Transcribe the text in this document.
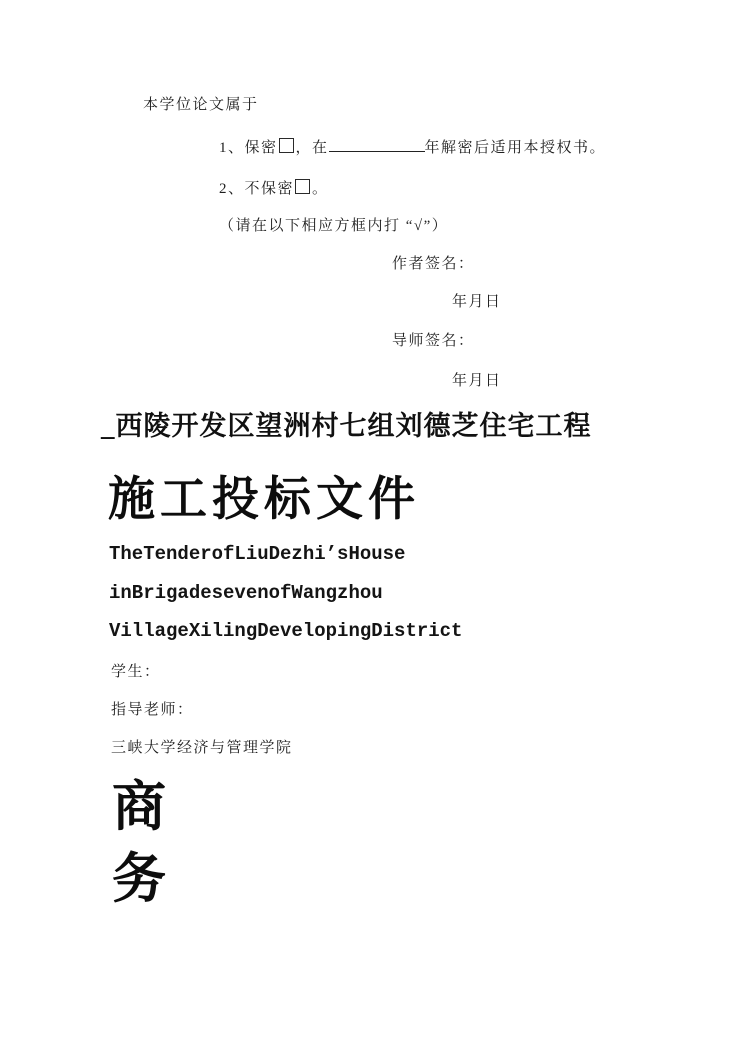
本学位论文属于

1、保密 ，在	年解密后适用本授权书。

2、不保密 。

（请在以下相应方框内打 “√”）

作者签名：

年月日

导师签名：

年月日

_西陵开发区望洲村七组刘德芝住宅工程

施工投标文件

TheTenderofLiuDezhi’sHouse

inBrigadesevenofWangzhou

VillageXilingDevelopingDistrict

学生：

指导老师：

三峡大学经济与管理学院

商

务
